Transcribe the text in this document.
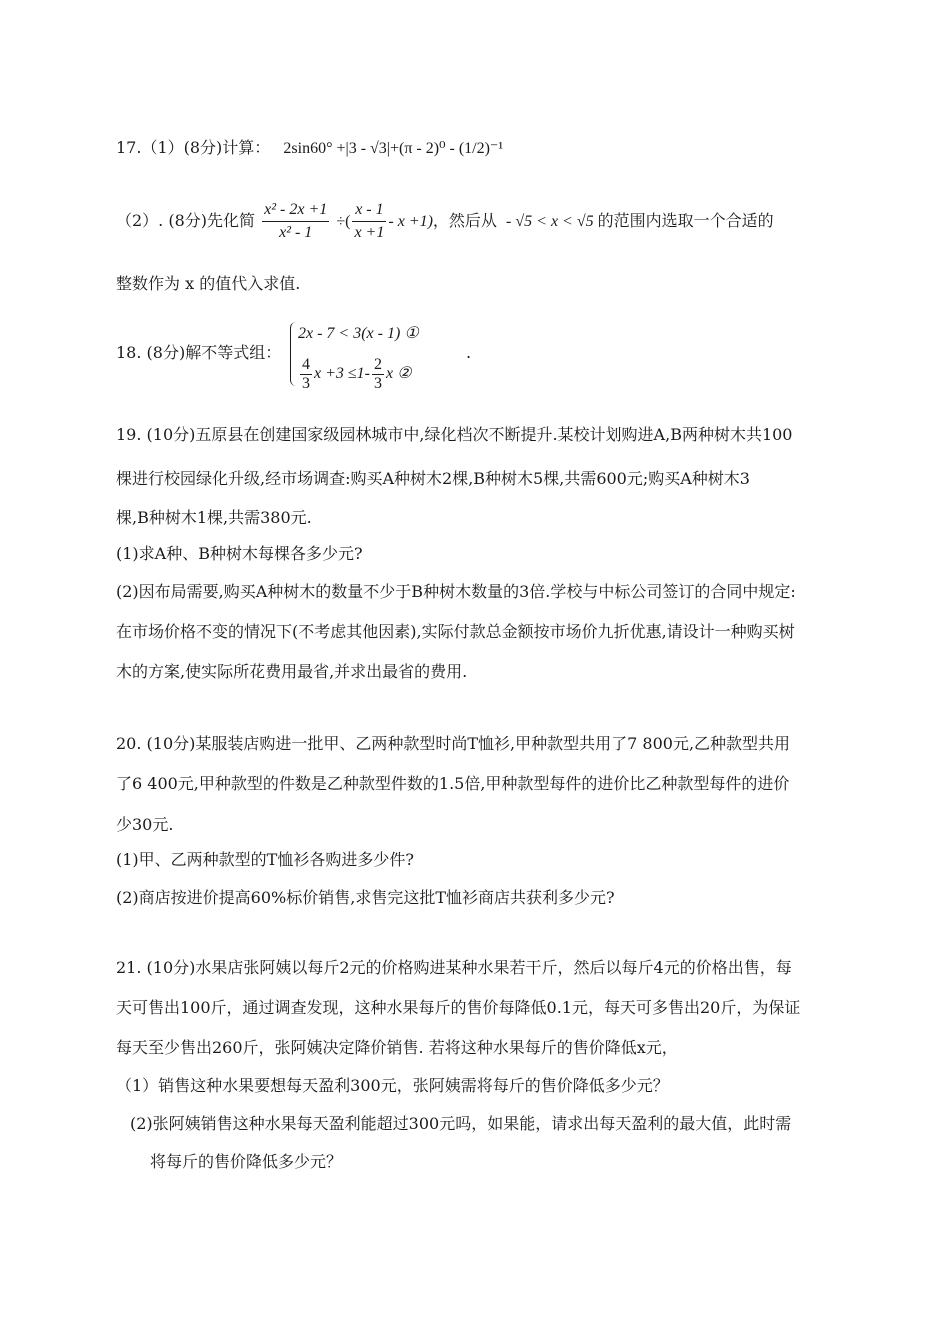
17.（1）(8分)计算： 2sin60° +|3 - √3|+(π - 2)⁰ - (1/2)⁻¹
（2）. (8分)先化简 $\frac{\text{x² - 2x +1}}{\text{x² - 1}}$ ÷( $\frac{x - 1}{x +1} - x +1$)，然后从 - √5 < x < √5 的范围内选取一个合适的
整数作为 x 的值代入求值.
18. (8分)解不等式组：
2x - 7 < 3(x - 1) ①
$\frac{4}{3}$ $x +3 \le 1- \frac{2}{3}$ x ②
.
19. (10分)五原县在创建国家级园林城市中,绿化档次不断提升.某校计划购进A,B两种树木共100
棵进行校园绿化升级,经市场调查:购买A种树木2棵,B种树木5棵,共需600元;购买A种树木3
棵,B种树木1棵,共需380元.
(1)求A种、B种树木每棵各多少元?
(2)因布局需要,购买A种树木的数量不少于B种树木数量的3倍.学校与中标公司签订的合同中规定:
在市场价格不变的情况下(不考虑其他因素),实际付款总金额按市场价九折优惠,请设计一种购买树
木的方案,使实际所花费用最省,并求出最省的费用.
20. (10分)某服装店购进一批甲、乙两种款型时尚T恤衫,甲种款型共用了7 800元,乙种款型共用
了6 400元,甲种款型的件数是乙种款型件数的1.5倍,甲种款型每件的进价比乙种款型每件的进价
少30元.
(1)甲、乙两种款型的T恤衫各购进多少件?
(2)商店按进价提高60%标价销售,求售完这批T恤衫商店共获利多少元?
21. (10分)水果店张阿姨以每斤2元的价格购进某种水果若干斤，然后以每斤4元的价格出售，每
天可售出100斤，通过调查发现，这种水果每斤的售价每降低0.1元，每天可多售出20斤，为保证
每天至少售出260斤，张阿姨决定降价销售. 若将这种水果每斤的售价降低x元，
（1）销售这种水果要想每天盈利300元，张阿姨需将每斤的售价降低多少元？
(2)张阿姨销售这种水果每天盈利能超过300元吗，如果能，请求出每天盈利的最大值，此时需
将每斤的售价降低多少元？
